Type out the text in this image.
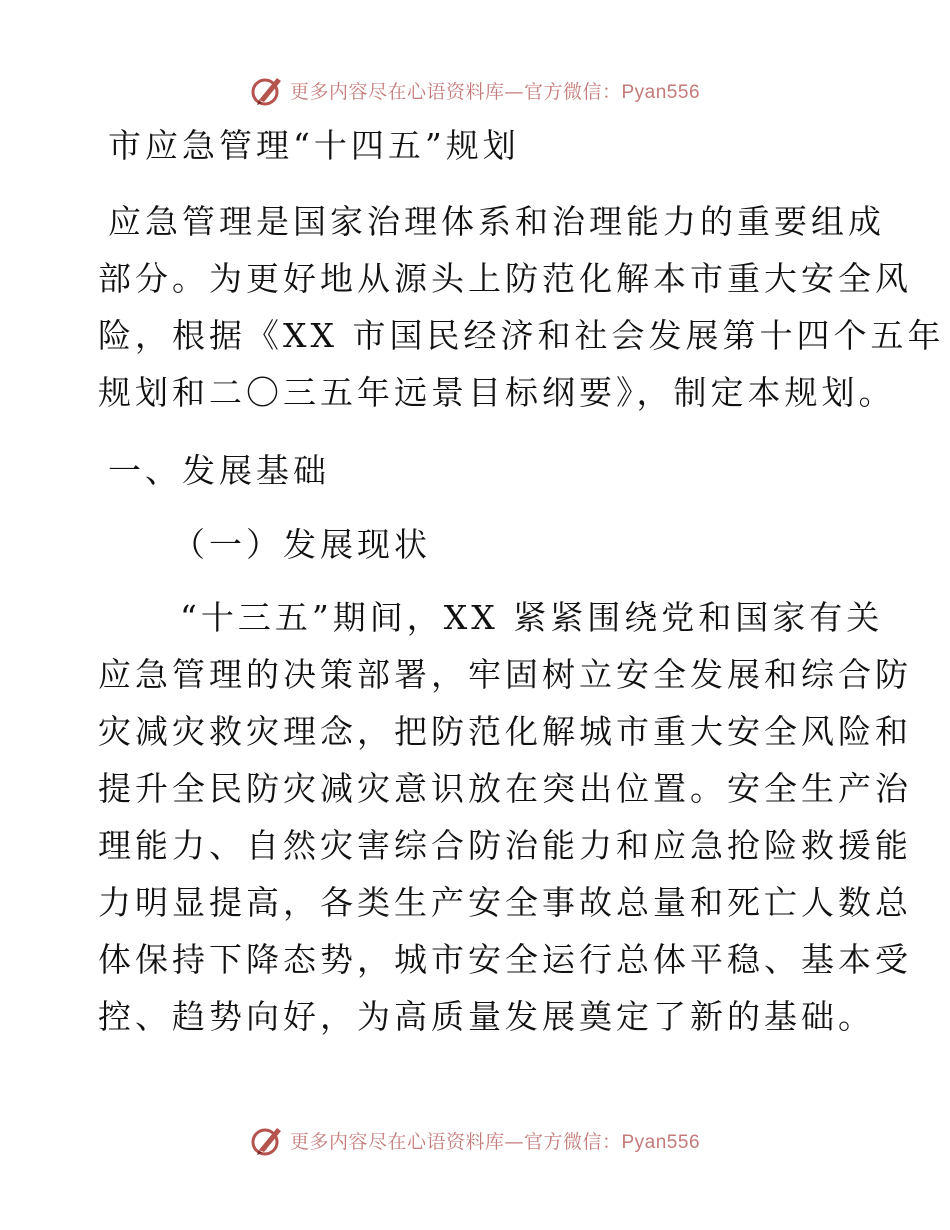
更多内容尽在心语资料库—官方微信：Pyan556

市应急管理“十四五”规划

应急管理是国家治理体系和治理能力的重要组成

部分。为更好地从源头上防范化解本市重大安全风

险，根据《XX 市国民经济和社会发展第十四个五年

规划和二〇三五年远景目标纲要》，制定本规划。

一、发展基础

（一）发展现状

“十三五”期间，XX 紧紧围绕党和国家有关

应急管理的决策部署，牢固树立安全发展和综合防

灾减灾救灾理念，把防范化解城市重大安全风险和

提升全民防灾减灾意识放在突出位置。安全生产治

理能力、自然灾害综合防治能力和应急抢险救援能

力明显提高，各类生产安全事故总量和死亡人数总

体保持下降态势，城市安全运行总体平稳、基本受

控、趋势向好，为高质量发展奠定了新的基础。

更多内容尽在心语资料库—官方微信：Pyan556
